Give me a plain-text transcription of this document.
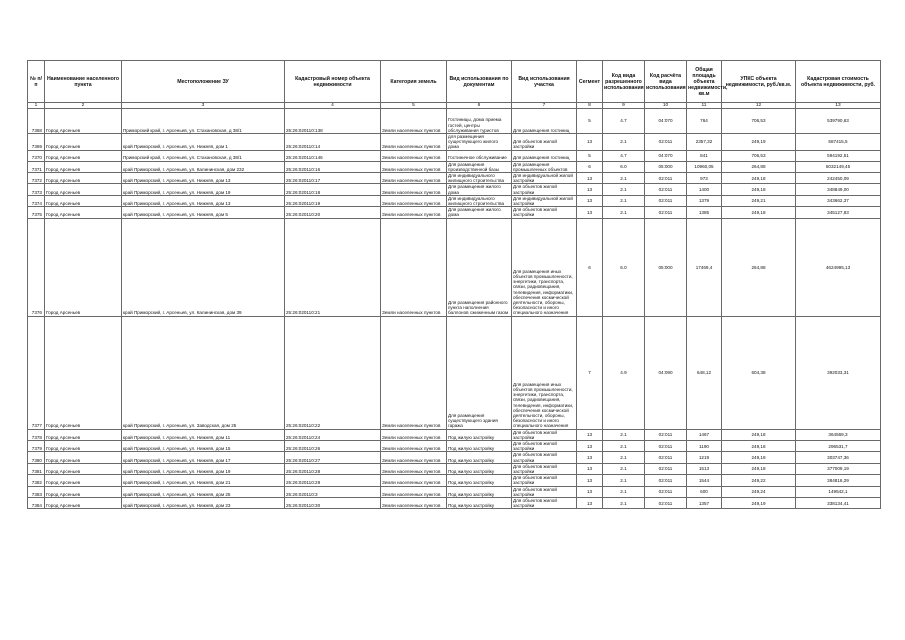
№ п/п	Наименование населенного пункта	Местоположение ЗУ	Кадастровый номер объекта недвижимости	Категория земель	Вид использования по документам	Вид использования участка	Сегмент	Код вида разрешенного использования	Код расчёта вида использования	Общая площадь объекта недвижимости, кв.м	УПКС объекта недвижимости, руб./кв.м.	Кадастровая стоимость объекта недвижимости, руб.
1	2	3	4	5	6	7	8	9	10	11	12	13
7368	Город Арсеньев	Приморский край, г. Арсеньев, ул. Стахановская, д 38/1	25:26:020110:138	Земли населенных пунктов	Гостиницы, дома приема гостей, центры обслуживания туристов	Для размещения гостиниц	5	4.7	04:070	764	706,53	539790,63
7369	Город Арсеньев	край Приморский, г. Арсеньев, ул. Нижняя, дом 1	25:26:020110:14	Земли населенных пунктов	для размещения существующего жилого дома	Для объектов жилой застройки	13	2.1	02:011	2357,32	249,19	587415,5
7370	Город Арсеньев	Приморский край, г. Арсеньев, ул. Стахановская, д 38/1	25:26:020110:146	Земли населенных пунктов	Гостиничное обслуживание	Для размещения гостиниц	5	4.7	04:070	841	706,53	594192,51
7371	Город Арсеньев	край Приморский, г. Арсеньев, ул. Калининская, дом 232	25:26:020110:16	Земли населенных пунктов	Для размещения производственной базы	Для размещения промышленных объектов	6	6.0	05:000	10960,05	264,88	5032149,45
7372	Город Арсеньев	край Приморский, г. Арсеньев, ул. Нижняя, дом 13	25:26:020110:17	Земли населенных пунктов	Для индивидуального жилищного строительства	Для индивидуальной жилой застройки	13	2.1	02:011	973	249,18	242450,09
7373	Город Арсеньев	край Приморский, г. Арсеньев, ул. Нижняя, дом 19	25:26:020110:18	Земли населенных пунктов	Для размещения жилого дома	Для объектов жилой застройки	13	2.1	02:011	1400	249,18	348849,00
7374	Город Арсеньев	край Приморский, г. Арсеньев, ул. Нижняя, дом 13	25:26:020110:19	Земли населенных пунктов	Для индивидуального жилищного строительства	Для индивидуальной жилой застройки	13	2.1	02:011	1379	249,21	343662,37
7375	Город Арсеньев	край Приморский, г. Арсеньев, ул. Нижняя, дом 5	25:26:020110:20	Земли населенных пунктов	Для размещения жилого дома	Для объектов жилой застройки	13	2.1	02:011	1385	249,18	345127,83
7376	Город Арсеньев	край Приморский, г. Арсеньев, ул. Калининская, дом 39	25:26:020110:21	Земли населенных пунктов	Для размещения районного пункта наполнения баллонов сжиженным газом	Для размещения иных объектов промышленности, энергетики, транспорта, связи, радиовещания, телевидения, информатики, обеспечения космической деятельности, обороны, безопасности и иного специального назначения	6	6.0	05:000	17469,4	264,88	4624995,13
7377	Город Арсеньев	край Приморский, г. Арсеньев, ул. Заводская, дом 25	25:26:020110:22	Земли населенных пунктов	Для размещения существующего здания гаража	Для размещения иных объектов промышленности, энергетики, транспорта, связи, радиовещания, телевидения, информатики, обеспечения космической деятельности, обороны, безопасности и иного специального назначения	7	4.9	04:090	648,12	604,38	392033,31
7378	Город Арсеньев	край Приморский, г. Арсеньев, ул. Нижняя, дом 11	25:26:020110:24	Земли населенных пунктов	Под жилую застройку	Для объектов жилой застройки	13	2.1	02:011	1467	249,18	364569,3
7379	Город Арсеньев	край Приморский, г. Арсеньев, ул. Нижняя, дом 15	25:26:020110:26	Земли населенных пунктов	Под жилую застройку	Для объектов жилой застройки	13	2.1	02:011	1190	249,18	296531,7
7380	Город Арсеньев	край Приморский, г. Арсеньев, ул. Нижняя, дом 17	25:26:020110:27	Земли населенных пунктов	Под жилую застройку	Для объектов жилой застройки	13	2.1	02:011	1219	249,18	303747,36
7381	Город Арсеньев	край Приморский, г. Арсеньев, ул. Нижняя, дом 19	25:26:020110:28	Земли населенных пунктов	Под жилую застройку	Для объектов жилой застройки	13	2.1	02:011	1513	249,18	377009,19
7382	Город Арсеньев	край Приморский, г. Арсеньев, ул. Нижняя, дом 21	25:26:020110:29	Земли населенных пунктов	Под жилую застройку	Для объектов жилой застройки	13	2.1	02:011	1544	249,22	384816,29
7383	Город Арсеньев	край Приморский, г. Арсеньев, ул. Нижняя, дом 25	25:26:020110:3	Земли населенных пунктов	Под жилую застройку	Для объектов жилой застройки	13	2.1	02:011	600	249,24	149542,1
7384	Город Арсеньев	край Приморский, г. Арсеньев, ул. Нижняя, дом 23	25:26:020110:30	Земли населенных пунктов	Под жилую застройку	Для объектов жилой застройки	13	2.1	02:011	1357	249,19	338134,41
